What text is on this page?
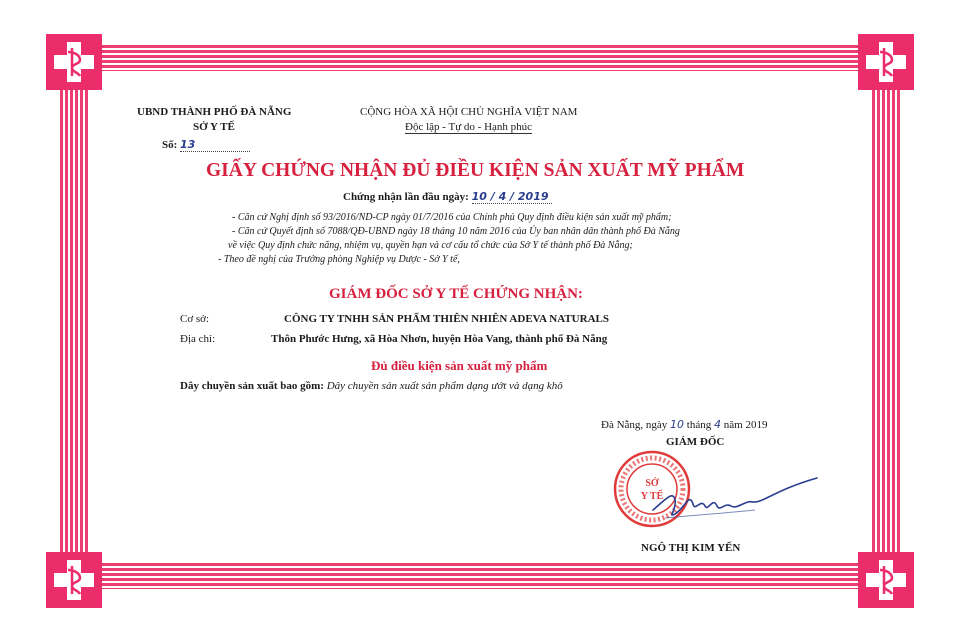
UBND THÀNH PHỐ ĐÀ NẴNG
SỞ Y TẾ
Số: 13
CỘNG HÒA XÃ HỘI CHỦ NGHĨA VIỆT NAM
Độc lập - Tự do - Hạnh phúc
GIẤY CHỨNG NHẬN ĐỦ ĐIỀU KIỆN SẢN XUẤT MỸ PHẨM
Chứng nhận lần đầu ngày: 10 / 4 / 2019
- Căn cứ Nghị định số 93/2016/ND-CP ngày 01/7/2016 của Chính phủ Quy định điều kiện sản xuất mỹ phẩm;
- Căn cứ Quyết định số 7088/QĐ-UBND ngày 18 tháng 10 năm 2016 của Ủy ban nhân dân thành phố Đà Nẵng
về việc Quy định chức năng, nhiệm vụ, quyền hạn và cơ cấu tổ chức của Sở Y tế thành phố Đà Nẵng;
- Theo đề nghị của Trưởng phòng Nghiệp vụ Dược - Sở Y tế,
GIÁM ĐỐC SỞ Y TẾ CHỨNG NHẬN:
Cơ sở:	CÔNG TY TNHH SẢN PHẨM THIÊN NHIÊN ADEVA NATURALS
Địa chỉ:	Thôn Phước Hưng, xã Hòa Nhơn, huyện Hòa Vang, thành phố Đà Nẵng
Đủ điều kiện sản xuất mỹ phẩm
Dây chuyền sản xuất bao gồm: Dây chuyền sản xuất sản phẩm dạng ướt và dạng khô
Đà Nẵng, ngày 10 tháng 4 năm 2019
GIÁM ĐỐC
SỞ
Y TẾ
NGÔ THỊ KIM YẾN
